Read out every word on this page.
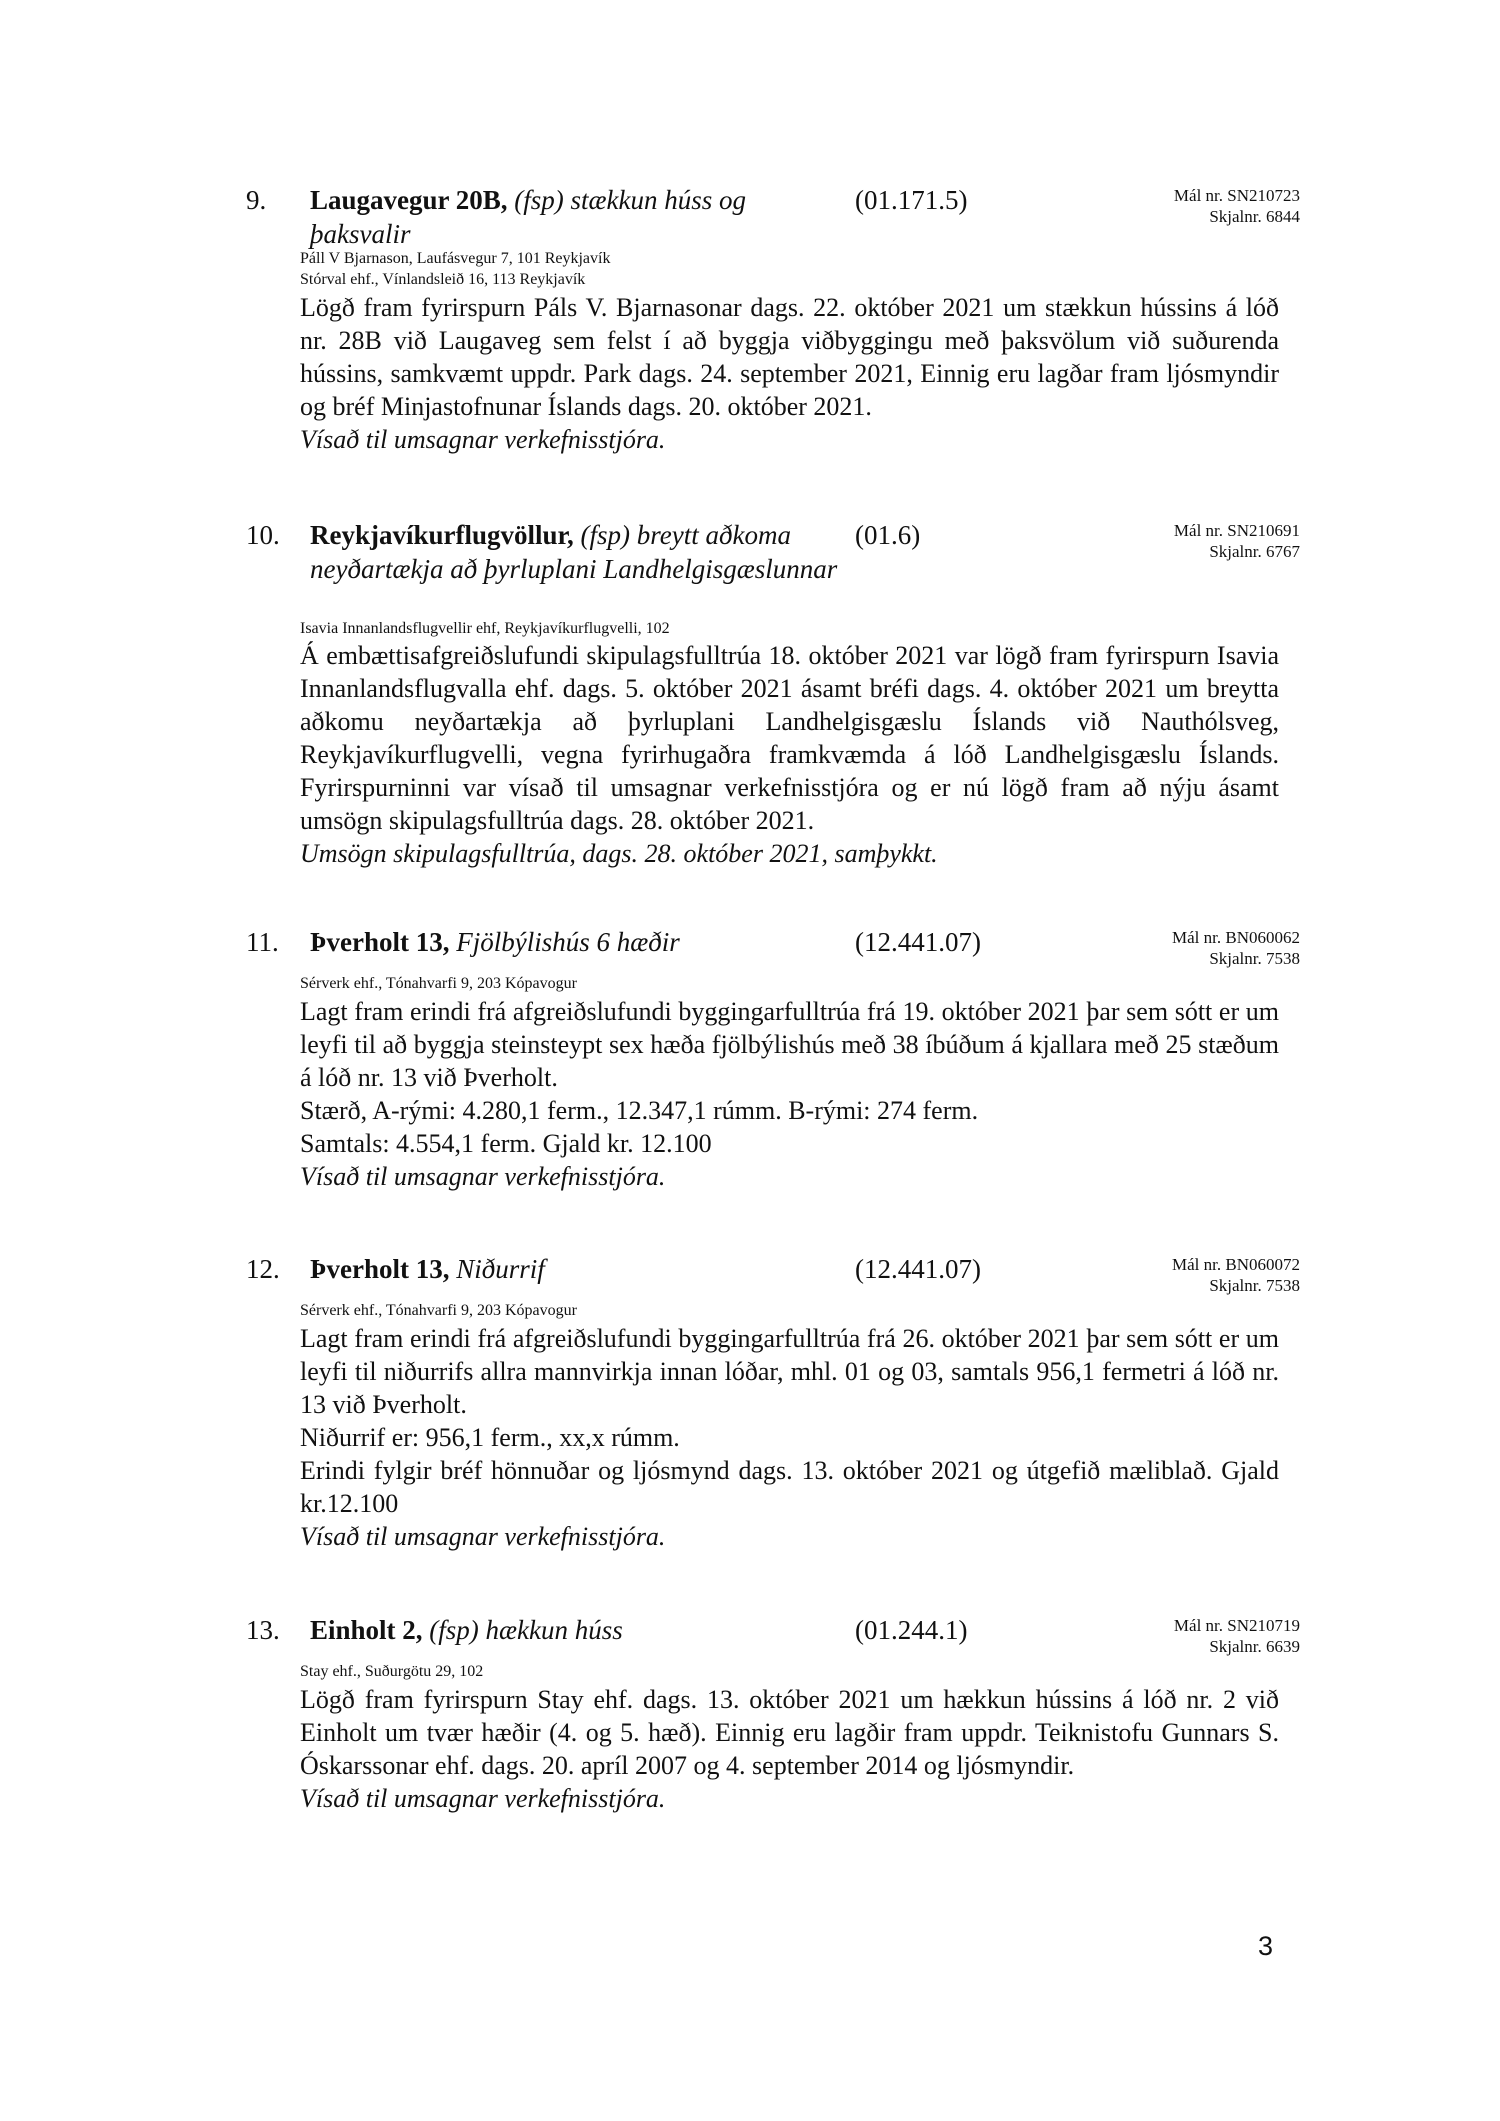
9. Laugavegur 20B, (fsp) stækkun húss og þaksvalir
(01.171.5)	Mál nr. SN210723
Skjalnr. 6844
Páll V Bjarnason, Laufásvegur 7, 101 Reykjavík
Stórval ehf., Vínlandsleið 16, 113 Reykjavík

Lögð fram fyrirspurn Páls V. Bjarnasonar dags. 22. október 2021 um stækkun hússins á lóð nr. 28B við Laugaveg sem felst í að byggja viðbyggingu með þaksvölum við suðurenda hússins, samkvæmt uppdr. Park dags. 24. september 2021, Einnig eru lagðar fram ljósmyndir og bréf Minjastofnunar Íslands dags. 20. október 2021.

Vísað til umsagnar verkefnisstjóra.

10. Reykjavíkurflugvöllur, (fsp) breytt aðkoma neyðartækja að þyrluplani Landhelgisgæslunnar
(01.6)	Mál nr. SN210691
Skjalnr. 6767
Isavia Innanlandsflugvellir ehf, Reykjavíkurflugvelli, 102

Á embættisafgreiðslufundi skipulagsfulltrúa 18. október 2021 var lögð fram fyrirspurn Isavia Innanlandsflugvalla ehf. dags. 5. október 2021 ásamt bréfi dags. 4. október 2021 um breytta aðkomu neyðartækja að þyrluplani Landhelgisgæslu Íslands við Nauthólsveg, Reykjavíkurflugvelli, vegna fyrirhugaðra framkvæmda á lóð Landhelgisgæslu Íslands. Fyrirspurninni var vísað til umsagnar verkefnisstjóra og er nú lögð fram að nýju ásamt umsögn skipulagsfulltrúa dags. 28. október 2021.

Umsögn skipulagsfulltrúa, dags. 28. október 2021, samþykkt.

11. Þverholt 13, Fjölbýlishús 6 hæðir	(12.441.07)	Mál nr. BN060062
Skjalnr. 7538
Sérverk ehf., Tónahvarfi 9, 203 Kópavogur

Lagt fram erindi frá afgreiðslufundi byggingarfulltrúa frá 19. október 2021 þar sem sótt er um leyfi til að byggja steinsteypt sex hæða fjölbýlishús með 38 íbúðum á kjallara með 25 stæðum á lóð nr. 13 við Þverholt.

Stærð, A-rými: 4.280,1 ferm., 12.347,1 rúmm. B-rými: 274 ferm.

Samtals: 4.554,1 ferm. Gjald kr. 12.100

Vísað til umsagnar verkefnisstjóra.

12. Þverholt 13, Niðurrif	(12.441.07)	Mál nr. BN060072
Skjalnr. 7538
Sérverk ehf., Tónahvarfi 9, 203 Kópavogur

Lagt fram erindi frá afgreiðslufundi byggingarfulltrúa frá 26. október 2021 þar sem sótt er um leyfi til niðurrifs allra mannvirkja innan lóðar, mhl. 01 og 03, samtals 956,1 fermetri á lóð nr. 13 við Þverholt.

Niðurrif er: 956,1 ferm., xx,x rúmm.

Erindi fylgir bréf hönnuðar og ljósmynd dags. 13. október 2021 og útgefið mæliblað. Gjald kr.12.100

Vísað til umsagnar verkefnisstjóra.

13. Einholt 2, (fsp) hækkun húss	(01.244.1)	Mál nr. SN210719
Skjalnr. 6639
Stay ehf., Suðurgötu 29, 102

Lögð fram fyrirspurn Stay ehf. dags. 13. október 2021 um hækkun hússins á lóð nr. 2 við Einholt um tvær hæðir (4. og 5. hæð). Einnig eru lagðir fram uppdr. Teiknistofu Gunnars S. Óskarssonar ehf. dags. 20. apríl 2007 og 4. september 2014 og ljósmyndir.

Vísað til umsagnar verkefnisstjóra.

3
